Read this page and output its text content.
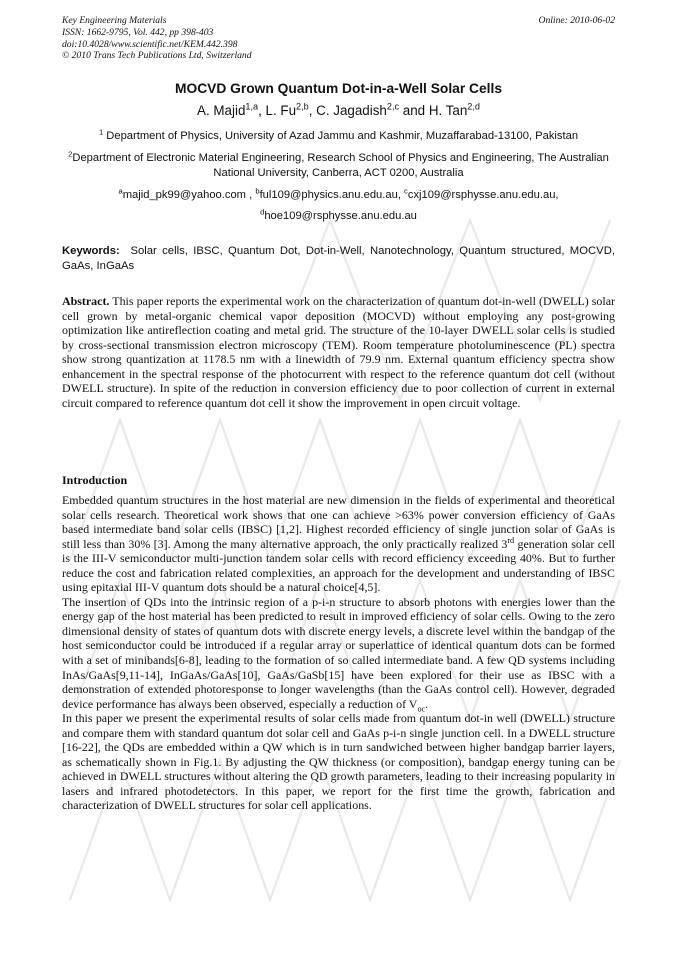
Key Engineering Materials
ISSN: 1662-9795, Vol. 442, pp 398-403
doi:10.4028/www.scientific.net/KEM.442.398
© 2010 Trans Tech Publications Ltd, Switzerland
Online: 2010-06-02
MOCVD Grown Quantum Dot-in-a-Well Solar Cells
A. Majid$^{1,a}$, L. Fu$^{2,b}$, C. Jagadish$^{2,c}$ and H. Tan$^{2,d}$
$^1$ Department of Physics, University of Azad Jammu and Kashmir, Muzaffarabad-13100, Pakistan
$^2$Department of Electronic Material Engineering, Research School of Physics and Engineering, The Australian National University, Canberra, ACT 0200, Australia
$^a$majid_pk99@yahoo.com , $^b$ful109@physics.anu.edu.au, $^c$cxj109@rsphysse.anu.edu.au,
$^d$hoe109@rsphysse.anu.edu.au
Keywords: Solar cells, IBSC, Quantum Dot, Dot-in-Well, Nanotechnology, Quantum structured, MOCVD, GaAs, InGaAs

Abstract. This paper reports the experimental work on the characterization of quantum dot-in-well (DWELL) solar cell grown by metal-organic chemical vapor deposition (MOCVD) without employing any post-growing optimization like antireflection coating and metal grid. The structure of the 10-layer DWELL solar cells is studied by cross-sectional transmission electron microscopy (TEM). Room temperature photoluminescence (PL) spectra show strong quantization at 1178.5 nm with a linewidth of 79.9 nm. External quantum efficiency spectra show enhancement in the spectral response of the photocurrent with respect to the reference quantum dot cell (without DWELL structure). In spite of the reduction in conversion efficiency due to poor collection of current in external circuit compared to reference quantum dot cell it show the improvement in open circuit voltage.

Introduction

Embedded quantum structures in the host material are new dimension in the fields of experimental and theoretical solar cells research. Theoretical work shows that one can achieve >63% power conversion efficiency of GaAs based intermediate band solar cells (IBSC) [1,2]. Highest recorded efficiency of single junction solar of GaAs is still less than 30% [3]. Among the many alternative approach, the only practically realized 3rd generation solar cell is the III-V semiconductor multi-junction tandem solar cells with record efficiency exceeding 40%. But to further reduce the cost and fabrication related complexities, an approach for the development and understanding of IBSC using epitaxial III-V quantum dots should be a natural choice[4,5].

The insertion of QDs into the intrinsic region of a p-i-n structure to absorb photons with energies lower than the energy gap of the host material has been predicted to result in improved efficiency of solar cells. Owing to the zero dimensional density of states of quantum dots with discrete energy levels, a discrete level within the bandgap of the host semiconductor could be introduced if a regular array or superlattice of identical quantum dots can be formed with a set of minibands[6-8], leading to the formation of so called intermediate band. A few QD systems including InAs/GaAs[9,11-14], InGaAs/GaAs[10], GaAs/GaSb[15] have been explored for their use as IBSC with a demonstration of extended photoresponse to longer wavelengths (than the GaAs control cell). However, degraded device performance has always been observed, especially a reduction of $V_{oc}$.

In this paper we present the experimental results of solar cells made from quantum dot-in well (DWELL) structure and compare them with standard quantum dot solar cell and GaAs p-i-n single junction cell. In a DWELL structure [16-22], the QDs are embedded within a QW which is in turn sandwiched between higher bandgap barrier layers, as schematically shown in Fig.1. By adjusting the QW thickness (or composition), bandgap energy tuning can be achieved in DWELL structures without altering the QD growth parameters, leading to their increasing popularity in lasers and infrared photodetectors. In this paper, we report for the first time the growth, fabrication and characterization of DWELL structures for solar cell applications.
